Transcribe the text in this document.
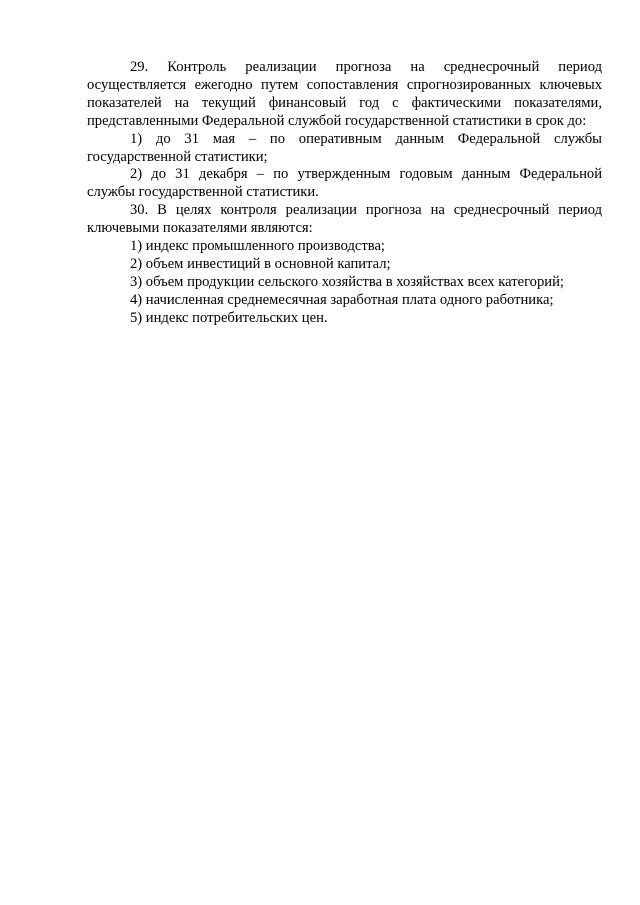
29. Контроль реализации прогноза на среднесрочный период осуществляется ежегодно путем сопоставления спрогнозированных ключевых показателей на текущий финансовый год с фактическими показателями, представленными Федеральной службой государственной статистики в срок до:

1) до 31 мая – по оперативным данным Федеральной службы государственной статистики;

2) до 31 декабря – по утвержденным годовым данным Федеральной службы государственной статистики.

30. В целях контроля реализации прогноза на среднесрочный период ключевыми показателями являются:

1) индекс промышленного производства;

2) объем инвестиций в основной капитал;

3) объем продукции сельского хозяйства в хозяйствах всех категорий;

4) начисленная среднемесячная заработная плата одного работника;

5) индекс потребительских цен.
